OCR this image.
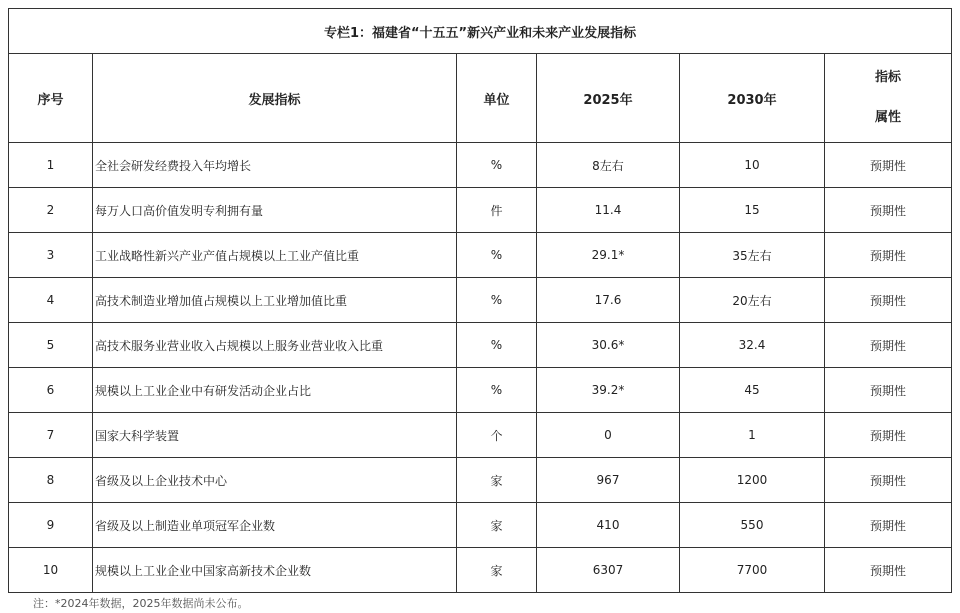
专栏1：福建省“十五五”新兴产业和未来产业发展指标					
序号	发展指标	单位	2025年	2030年	指标
属性

1	全社会研发经费投入年均增长	%	8左右	10	预期性
2	每万人口高价值发明专利拥有量	件	11.4	15	预期性
3	工业战略性新兴产业产值占规模以上工业产值比重	%	29.1*	35左右	预期性
4	高技术制造业增加值占规模以上工业增加值比重	%	17.6	20左右	预期性
5	高技术服务业营业收入占规模以上服务业营业收入比重	%	30.6*	32.4	预期性
6	规模以上工业企业中有研发活动企业占比	%	39.2*	45	预期性
7	国家大科学装置	个	0	1	预期性
8	省级及以上企业技术中心	家	967	1200	预期性
9	省级及以上制造业单项冠军企业数	家	410	550	预期性
10	规模以上工业企业中国家高新技术企业数	家	6307	7700	预期性
注：*2024年数据，2025年数据尚未公布。
